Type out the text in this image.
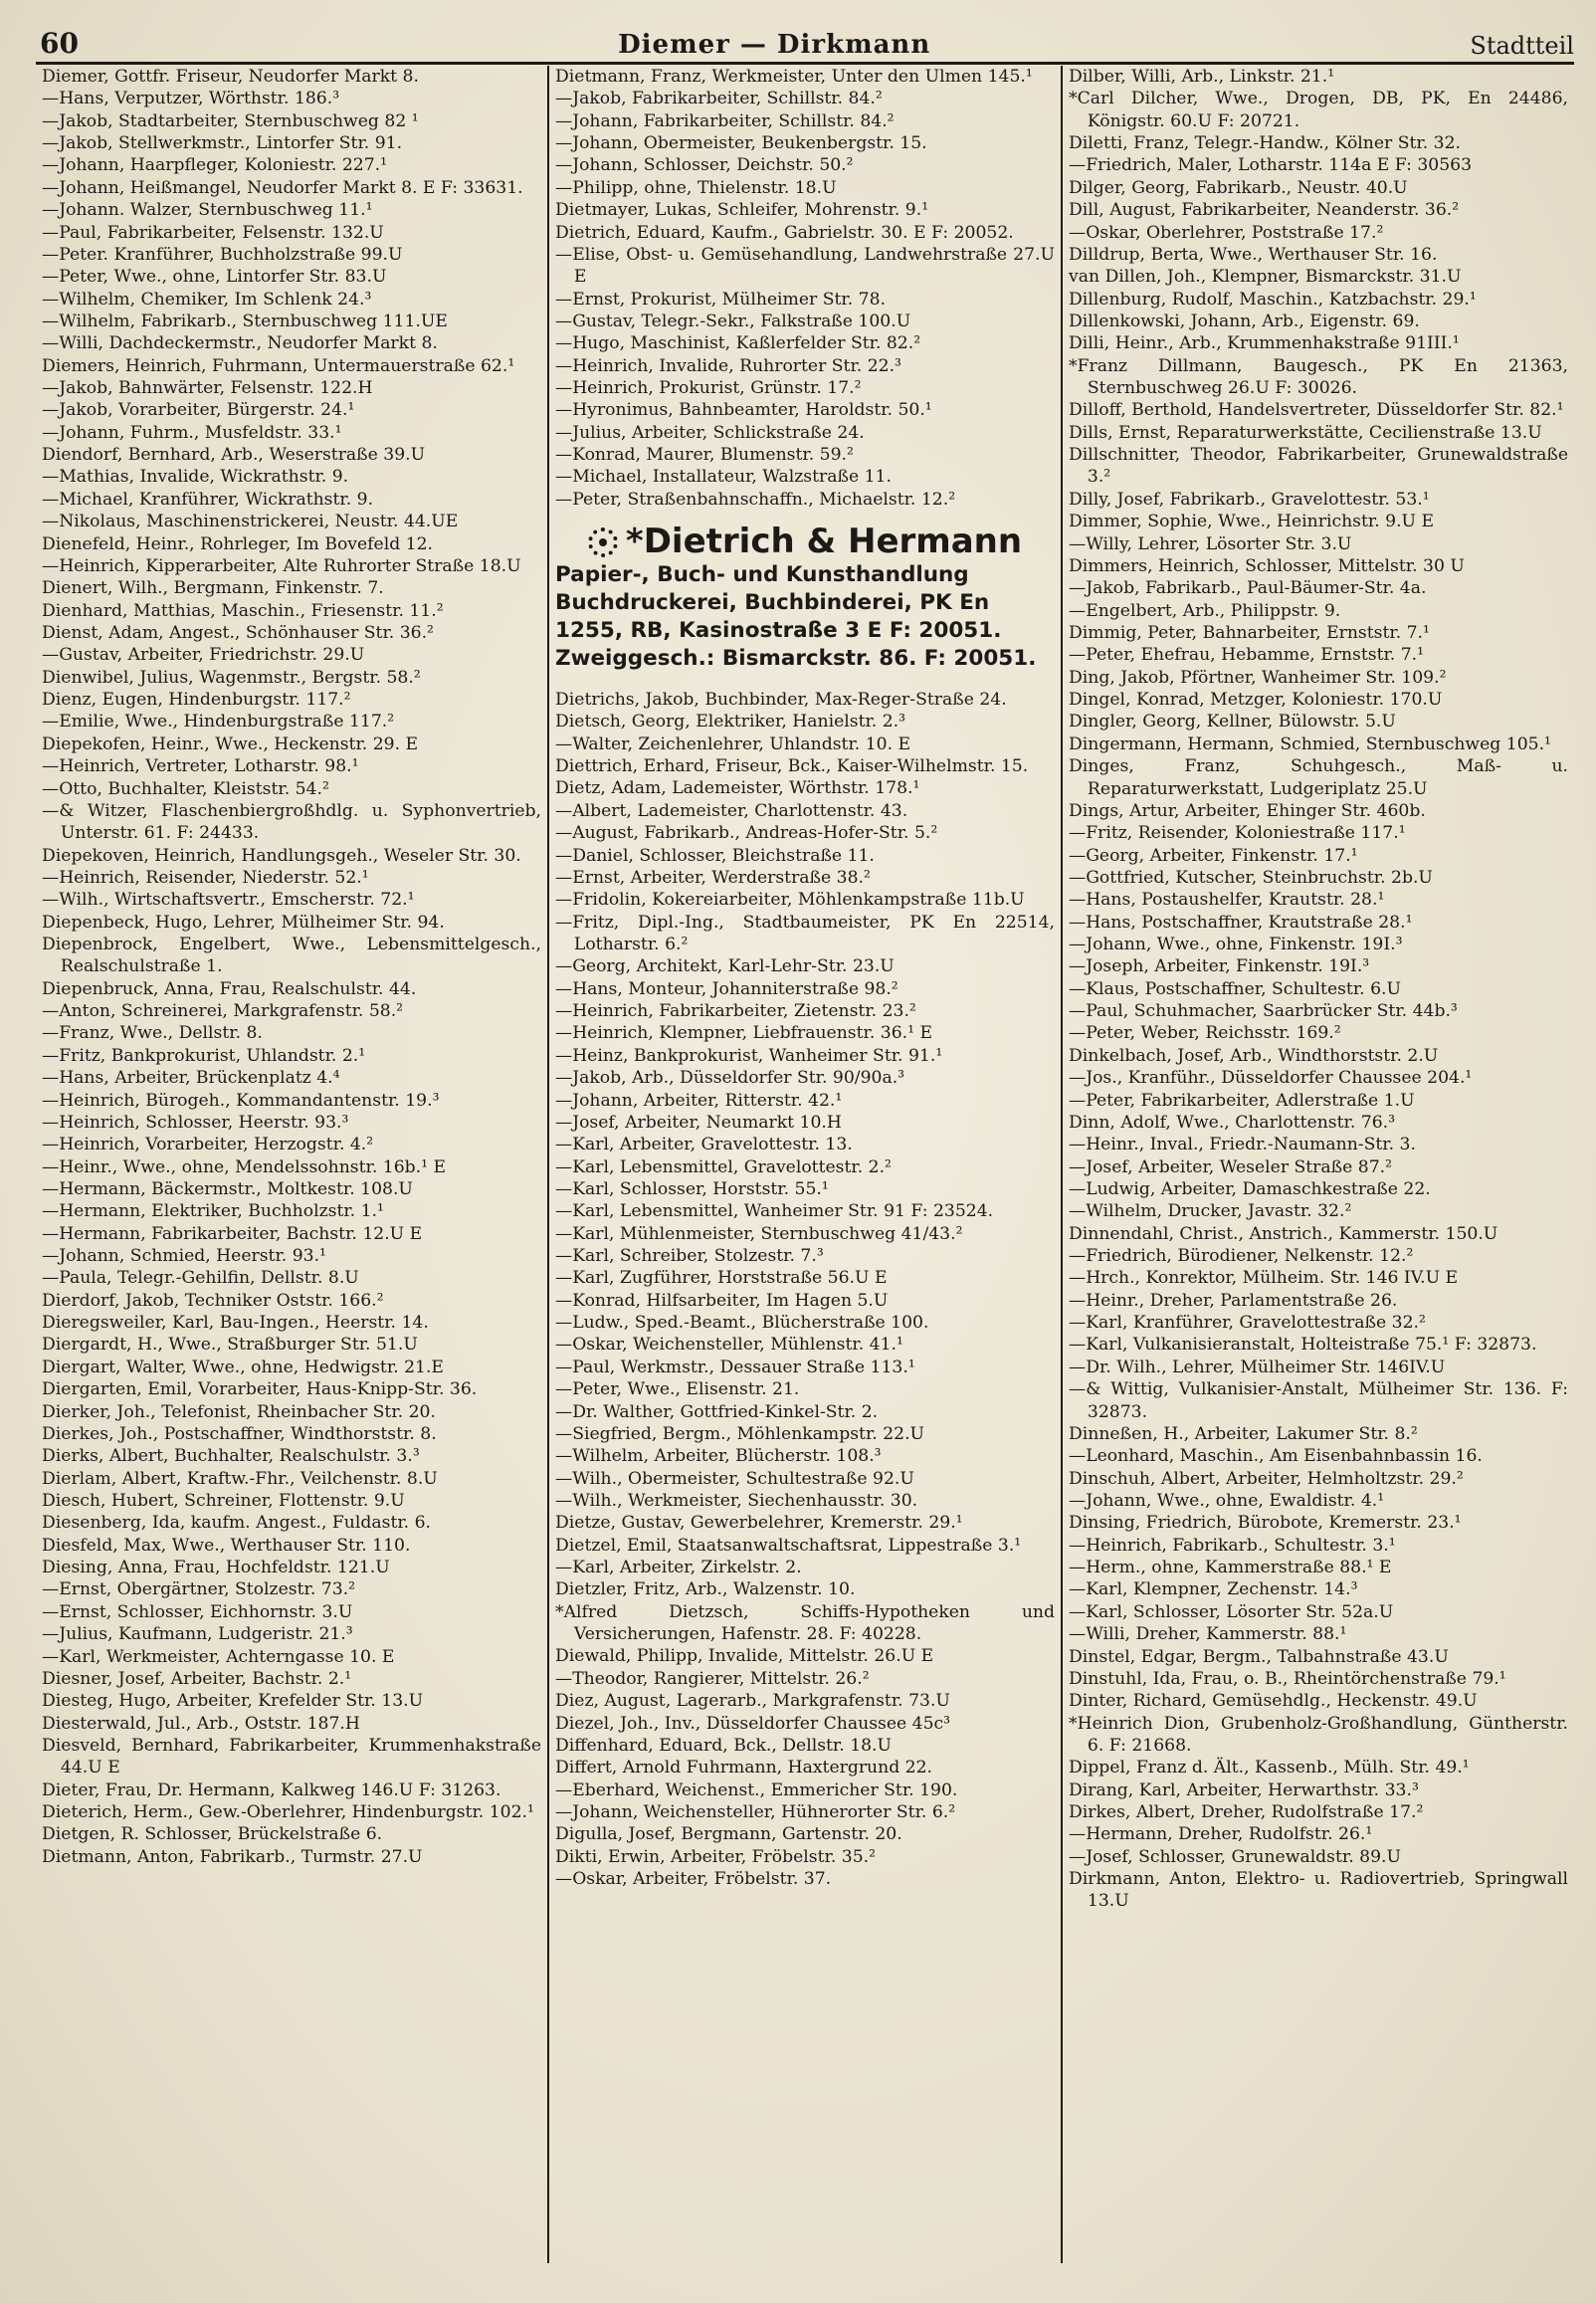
60	Diemer — Dirkmann	Stadtteil

Diemer, Gottfr. Friseur, Neudorfer Markt 8.

—Hans, Verputzer, Wörthstr. 186.³

—Jakob, Stadtarbeiter, Sternbuschweg 82 ¹

—Jakob, Stellwerkmstr., Lintorfer Str. 91.

—Johann, Haarpfleger, Koloniestr. 227.¹

—Johann, Heißmangel, Neudorfer Markt 8. E F: 33631.

—Johann. Walzer, Sternbuschweg 11.¹

—Paul, Fabrikarbeiter, Felsenstr. 132.U

—Peter. Kranführer, Buchholzstraße 99.U

—Peter, Wwe., ohne, Lintorfer Str. 83.U

—Wilhelm, Chemiker, Im Schlenk 24.³

—Wilhelm, Fabrikarb., Sternbuschweg 111.UE

—Willi, Dachdeckermstr., Neudorfer Markt 8.

Diemers, Heinrich, Fuhrmann, Untermauerstraße 62.¹

—Jakob, Bahnwärter, Felsenstr. 122.H

—Jakob, Vorarbeiter, Bürgerstr. 24.¹

—Johann, Fuhrm., Musfeldstr. 33.¹

Diendorf, Bernhard, Arb., Weserstraße 39.U

—Mathias, Invalide, Wickrathstr. 9.

—Michael, Kranführer, Wickrathstr. 9.

—Nikolaus, Maschinenstrickerei, Neustr. 44.UE

Dienefeld, Heinr., Rohrleger, Im Bovefeld 12.

—Heinrich, Kipperarbeiter, Alte Ruhrorter Straße 18.U

Dienert, Wilh., Bergmann, Finkenstr. 7.

Dienhard, Matthias, Maschin., Friesenstr. 11.²

Dienst, Adam, Angest., Schönhauser Str. 36.²

—Gustav, Arbeiter, Friedrichstr. 29.U

Dienwibel, Julius, Wagenmstr., Bergstr. 58.²

Dienz, Eugen, Hindenburgstr. 117.²

—Emilie, Wwe., Hindenburgstraße 117.²

Diepekofen, Heinr., Wwe., Heckenstr. 29. E

—Heinrich, Vertreter, Lotharstr. 98.¹

—Otto, Buchhalter, Kleiststr. 54.²

—& Witzer, Flaschenbiergroßhdlg. u. Syphonvertrieb, Unterstr. 61. F: 24433.

Diepekoven, Heinrich, Handlungsgeh., Weseler Str. 30.

—Heinrich, Reisender, Niederstr. 52.¹

—Wilh., Wirtschaftsvertr., Emscherstr. 72.¹

Diepenbeck, Hugo, Lehrer, Mülheimer Str. 94.

Diepenbrock, Engelbert, Wwe., Lebensmittelgesch., Realschulstraße 1.

Diepenbruck, Anna, Frau, Realschulstr. 44.

—Anton, Schreinerei, Markgrafenstr. 58.²

—Franz, Wwe., Dellstr. 8.

—Fritz, Bankprokurist, Uhlandstr. 2.¹

—Hans, Arbeiter, Brückenplatz 4.⁴

—Heinrich, Bürogeh., Kommandantenstr. 19.³

—Heinrich, Schlosser, Heerstr. 93.³

—Heinrich, Vorarbeiter, Herzogstr. 4.²

—Heinr., Wwe., ohne, Mendelssohnstr. 16b.¹ E

—Hermann, Bäckermstr., Moltkestr. 108.U

—Hermann, Elektriker, Buchholzstr. 1.¹

—Hermann, Fabrikarbeiter, Bachstr. 12.U E

—Johann, Schmied, Heerstr. 93.¹

—Paula, Telegr.-Gehilfin, Dellstr. 8.U

Dierdorf, Jakob, Techniker Oststr. 166.²

Dieregsweiler, Karl, Bau-Ingen., Heerstr. 14.

Diergardt, H., Wwe., Straßburger Str. 51.U

Diergart, Walter, Wwe., ohne, Hedwigstr. 21.E

Diergarten, Emil, Vorarbeiter, Haus-Knipp-Str. 36.

Dierker, Joh., Telefonist, Rheinbacher Str. 20.

Dierkes, Joh., Postschaffner, Windthorststr. 8.

Dierks, Albert, Buchhalter, Realschulstr. 3.³

Dierlam, Albert, Kraftw.-Fhr., Veilchenstr. 8.U

Diesch, Hubert, Schreiner, Flottenstr. 9.U

Diesenberg, Ida, kaufm. Angest., Fuldastr. 6.

Diesfeld, Max, Wwe., Werthauser Str. 110.

Diesing, Anna, Frau, Hochfeldstr. 121.U

—Ernst, Obergärtner, Stolzestr. 73.²

—Ernst, Schlosser, Eichhornstr. 3.U

—Julius, Kaufmann, Ludgeristr. 21.³

—Karl, Werkmeister, Achterngasse 10. E

Diesner, Josef, Arbeiter, Bachstr. 2.¹

Diesteg, Hugo, Arbeiter, Krefelder Str. 13.U

Diesterwald, Jul., Arb., Oststr. 187.H

Diesveld, Bernhard, Fabrikarbeiter, Krummenhakstraße 44.U E

Dieter, Frau, Dr. Hermann, Kalkweg 146.U F: 31263.

Dieterich, Herm., Gew.-Oberlehrer, Hindenburgstr. 102.¹

Dietgen, R. Schlosser, Brückelstraße 6.

Dietmann, Anton, Fabrikarb., Turmstr. 27.U

Dietmann, Franz, Werkmeister, Unter den Ulmen 145.¹

—Jakob, Fabrikarbeiter, Schillstr. 84.²

—Johann, Fabrikarbeiter, Schillstr. 84.²

—Johann, Obermeister, Beukenbergstr. 15.

—Johann, Schlosser, Deichstr. 50.²

—Philipp, ohne, Thielenstr. 18.U

Dietmayer, Lukas, Schleifer, Mohrenstr. 9.¹

Dietrich, Eduard, Kaufm., Gabrielstr. 30. E F: 20052.

—Elise, Obst- u. Gemüsehandlung, Landwehrstraße 27.U E

—Ernst, Prokurist, Mülheimer Str. 78.

—Gustav, Telegr.-Sekr., Falkstraße 100.U

—Hugo, Maschinist, Kaßlerfelder Str. 82.²

—Heinrich, Invalide, Ruhrorter Str. 22.³

—Heinrich, Prokurist, Grünstr. 17.²

—Hyronimus, Bahnbeamter, Haroldstr. 50.¹

—Julius, Arbeiter, Schlickstraße 24.

—Konrad, Maurer, Blumenstr. 59.²

—Michael, Installateur, Walzstraße 11.

—Peter, Straßenbahnschaffn., Michaelstr. 12.²

*Dietrich & Hermann
Papier-, Buch- und Kunsthandlung
Buchdruckerei, Buchbinderei, PK En
1255, RB, Kasinostraße 3 E F: 20051.
Zweiggesch.: Bismarckstr. 86. F: 20051.

Dietrichs, Jakob, Buchbinder, Max-Reger-Straße 24.

Dietsch, Georg, Elektriker, Hanielstr. 2.³

—Walter, Zeichenlehrer, Uhlandstr. 10. E

Diettrich, Erhard, Friseur, Bck., Kaiser-Wilhelmstr. 15.

Dietz, Adam, Lademeister, Wörthstr. 178.¹

—Albert, Lademeister, Charlottenstr. 43.

—August, Fabrikarb., Andreas-Hofer-Str. 5.²

—Daniel, Schlosser, Bleichstraße 11.

—Ernst, Arbeiter, Werderstraße 38.²

—Fridolin, Kokereiarbeiter, Möhlenkampstraße 11b.U

—Fritz, Dipl.-Ing., Stadtbaumeister, PK En 22514, Lotharstr. 6.²

—Georg, Architekt, Karl-Lehr-Str. 23.U

—Hans, Monteur, Johanniterstraße 98.²

—Heinrich, Fabrikarbeiter, Zietenstr. 23.²

—Heinrich, Klempner, Liebfrauenstr. 36.¹ E

—Heinz, Bankprokurist, Wanheimer Str. 91.¹

—Jakob, Arb., Düsseldorfer Str. 90/90a.³

—Johann, Arbeiter, Ritterstr. 42.¹

—Josef, Arbeiter, Neumarkt 10.H

—Karl, Arbeiter, Gravelottestr. 13.

—Karl, Lebensmittel, Gravelottestr. 2.²

—Karl, Schlosser, Horststr. 55.¹

—Karl, Lebensmittel, Wanheimer Str. 91 F: 23524.

—Karl, Mühlenmeister, Sternbuschweg 41/43.²

—Karl, Schreiber, Stolzestr. 7.³

—Karl, Zugführer, Horststraße 56.U E

—Konrad, Hilfsarbeiter, Im Hagen 5.U

—Ludw., Sped.-Beamt., Blücherstraße 100.

—Oskar, Weichensteller, Mühlenstr. 41.¹

—Paul, Werkmstr., Dessauer Straße 113.¹

—Peter, Wwe., Elisenstr. 21.

—Dr. Walther, Gottfried-Kinkel-Str. 2.

—Siegfried, Bergm., Möhlenkampstr. 22.U

—Wilhelm, Arbeiter, Blücherstr. 108.³

—Wilh., Obermeister, Schultestraße 92.U

—Wilh., Werkmeister, Siechenhausstr. 30.

Dietze, Gustav, Gewerbelehrer, Kremerstr. 29.¹

Dietzel, Emil, Staatsanwaltschaftsrat, Lippestraße 3.¹

—Karl, Arbeiter, Zirkelstr. 2.

Dietzler, Fritz, Arb., Walzenstr. 10.

*Alfred Dietzsch, Schiffs-Hypotheken und Versicherungen, Hafenstr. 28. F: 40228.

Diewald, Philipp, Invalide, Mittelstr. 26.U E

—Theodor, Rangierer, Mittelstr. 26.²

Diez, August, Lagerarb., Markgrafenstr. 73.U

Diezel, Joh., Inv., Düsseldorfer Chaussee 45c³

Diffenhard, Eduard, Bck., Dellstr. 18.U

Differt, Arnold Fuhrmann, Haxtergrund 22.

—Eberhard, Weichenst., Emmericher Str. 190.

—Johann, Weichensteller, Hühnerorter Str. 6.²

Digulla, Josef, Bergmann, Gartenstr. 20.

Dikti, Erwin, Arbeiter, Fröbelstr. 35.²

—Oskar, Arbeiter, Fröbelstr. 37.

Dilber, Willi, Arb., Linkstr. 21.¹

*Carl Dilcher, Wwe., Drogen, DB, PK, En 24486, Königstr. 60.U F: 20721.

Diletti, Franz, Telegr.-Handw., Kölner Str. 32.

—Friedrich, Maler, Lotharstr. 114a E F: 30563

Dilger, Georg, Fabrikarb., Neustr. 40.U

Dill, August, Fabrikarbeiter, Neanderstr. 36.²

—Oskar, Oberlehrer, Poststraße 17.²

Dilldrup, Berta, Wwe., Werthauser Str. 16.

van Dillen, Joh., Klempner, Bismarckstr. 31.U

Dillenburg, Rudolf, Maschin., Katzbachstr. 29.¹

Dillenkowski, Johann, Arb., Eigenstr. 69.

Dilli, Heinr., Arb., Krummenhakstraße 91III.¹

*Franz Dillmann, Baugesch., PK En 21363, Sternbuschweg 26.U F: 30026.

Dilloff, Berthold, Handelsvertreter, Düsseldorfer Str. 82.¹

Dills, Ernst, Reparaturwerkstätte, Cecilienstraße 13.U

Dillschnitter, Theodor, Fabrikarbeiter, Grunewaldstraße 3.²

Dilly, Josef, Fabrikarb., Gravelottestr. 53.¹

Dimmer, Sophie, Wwe., Heinrichstr. 9.U E

—Willy, Lehrer, Lösorter Str. 3.U

Dimmers, Heinrich, Schlosser, Mittelstr. 30 U

—Jakob, Fabrikarb., Paul-Bäumer-Str. 4a.

—Engelbert, Arb., Philippstr. 9.

Dimmig, Peter, Bahnarbeiter, Ernststr. 7.¹

—Peter, Ehefrau, Hebamme, Ernststr. 7.¹

Ding, Jakob, Pförtner, Wanheimer Str. 109.²

Dingel, Konrad, Metzger, Koloniestr. 170.U

Dingler, Georg, Kellner, Bülowstr. 5.U

Dingermann, Hermann, Schmied, Sternbuschweg 105.¹

Dinges, Franz, Schuhgesch., Maß- u. Reparaturwerkstatt, Ludgeriplatz 25.U

Dings, Artur, Arbeiter, Ehinger Str. 460b.

—Fritz, Reisender, Koloniestraße 117.¹

—Georg, Arbeiter, Finkenstr. 17.¹

—Gottfried, Kutscher, Steinbruchstr. 2b.U

—Hans, Postaushelfer, Krautstr. 28.¹

—Hans, Postschaffner, Krautstraße 28.¹

—Johann, Wwe., ohne, Finkenstr. 19I.³

—Joseph, Arbeiter, Finkenstr. 19I.³

—Klaus, Postschaffner, Schultestr. 6.U

—Paul, Schuhmacher, Saarbrücker Str. 44b.³

—Peter, Weber, Reichsstr. 169.²

Dinkelbach, Josef, Arb., Windthorststr. 2.U

—Jos., Kranführ., Düsseldorfer Chaussee 204.¹

—Peter, Fabrikarbeiter, Adlerstraße 1.U

Dinn, Adolf, Wwe., Charlottenstr. 76.³

—Heinr., Inval., Friedr.-Naumann-Str. 3.

—Josef, Arbeiter, Weseler Straße 87.²

—Ludwig, Arbeiter, Damaschkestraße 22.

—Wilhelm, Drucker, Javastr. 32.²

Dinnendahl, Christ., Anstrich., Kammerstr. 150.U

—Friedrich, Bürodiener, Nelkenstr. 12.²

—Hrch., Konrektor, Mülheim. Str. 146 IV.U E

—Heinr., Dreher, Parlamentstraße 26.

—Karl, Kranführer, Gravelottestraße 32.²

—Karl, Vulkanisieranstalt, Holteistraße 75.¹ F: 32873.

—Dr. Wilh., Lehrer, Mülheimer Str. 146IV.U

—& Wittig, Vulkanisier-Anstalt, Mülheimer Str. 136. F: 32873.

Dinneßen, H., Arbeiter, Lakumer Str. 8.²

—Leonhard, Maschin., Am Eisenbahnbassin 16.

Dinschuh, Albert, Arbeiter, Helmholtzstr. 29.²

—Johann, Wwe., ohne, Ewaldistr. 4.¹

Dinsing, Friedrich, Bürobote, Kremerstr. 23.¹

—Heinrich, Fabrikarb., Schultestr. 3.¹

—Herm., ohne, Kammerstraße 88.¹ E

—Karl, Klempner, Zechenstr. 14.³

—Karl, Schlosser, Lösorter Str. 52a.U

—Willi, Dreher, Kammerstr. 88.¹

Dinstel, Edgar, Bergm., Talbahnstraße 43.U

Dinstuhl, Ida, Frau, o. B., Rheintörchenstraße 79.¹

Dinter, Richard, Gemüsehdlg., Heckenstr. 49.U

*Heinrich Dion, Grubenholz-Großhandlung, Güntherstr. 6. F: 21668.

Dippel, Franz d. Ält., Kassenb., Mülh. Str. 49.¹

Dirang, Karl, Arbeiter, Herwarthstr. 33.³

Dirkes, Albert, Dreher, Rudolfstraße 17.²

—Hermann, Dreher, Rudolfstr. 26.¹

—Josef, Schlosser, Grunewaldstr. 89.U

Dirkmann, Anton, Elektro- u. Radiovertrieb, Springwall 13.U
